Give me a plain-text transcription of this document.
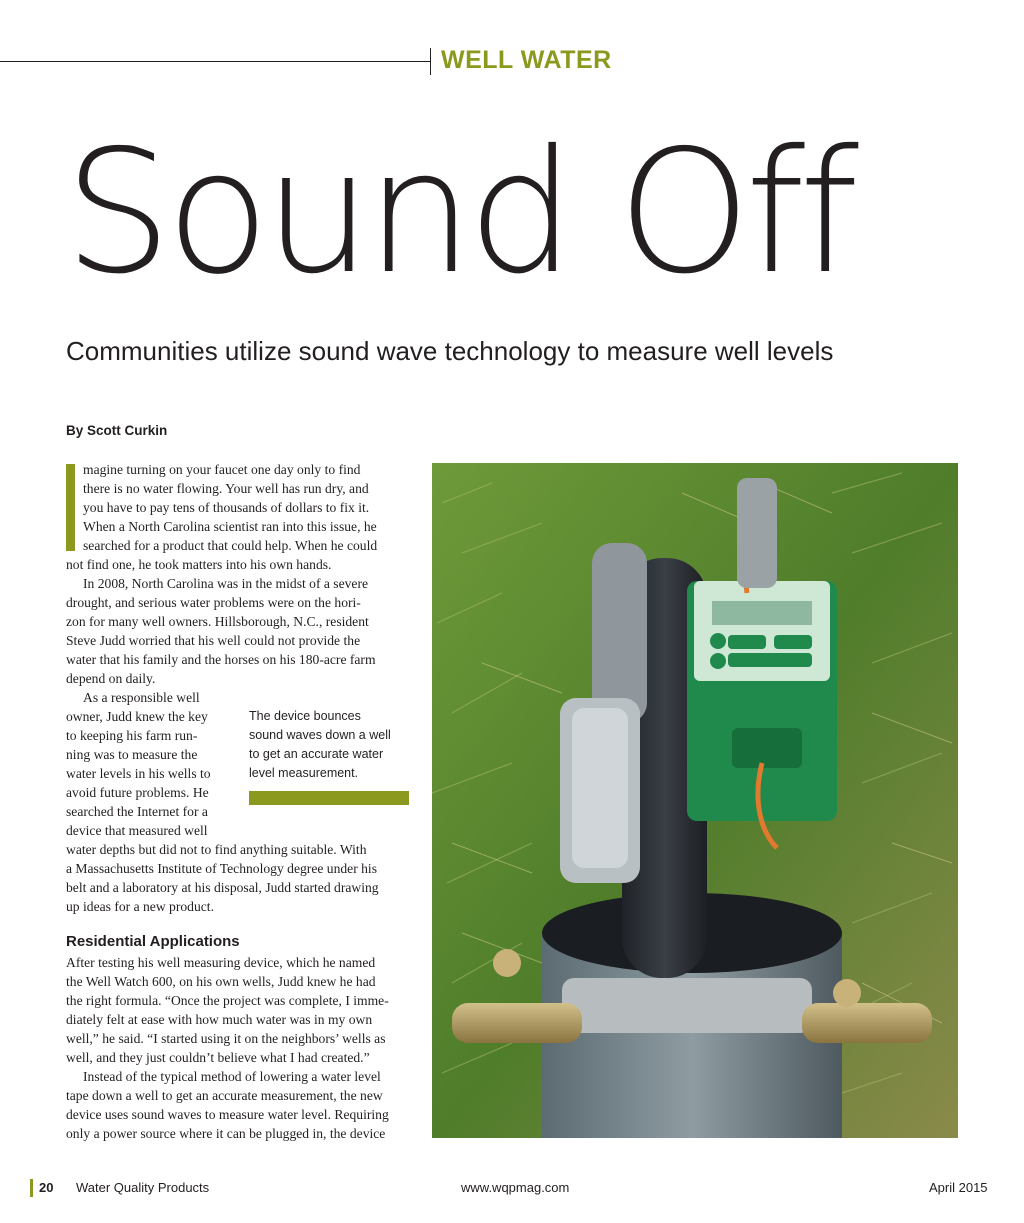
WELL WATER
Sound Off
Communities utilize sound wave technology to measure well levels
By Scott Curkin
magine turning on your faucet one day only to find
there is no water flowing. Your well has run dry, and
you have to pay tens of thousands of dollars to fix it.
When a North Carolina scientist ran into this issue, he
searched for a product that could help. When he could
not find one, he took matters into his own hands.
In 2008, North Carolina was in the midst of a severe
drought, and serious water problems were on the hori-
zon for many well owners. Hillsborough, N.C., resident
Steve Judd worried that his well could not provide the
water that his family and the horses on his 180-acre farm
depend on daily.
As a responsible well
owner, Judd knew the key
to keeping his farm run-
ning was to measure the
water levels in his wells to
avoid future problems. He
searched the Internet for a
device that measured well
water depths but did not to find anything suitable. With
a Massachusetts Institute of Technology degree under his
belt and a laboratory at his disposal, Judd started drawing
up ideas for a new product.
The device bounces
sound waves down a well
to get an accurate water
level measurement.
Residential Applications
After testing his well measuring device, which he named
the Well Watch 600, on his own wells, Judd knew he had
the right formula. “Once the project was complete, I imme-
diately felt at ease with how much water was in my own
well,” he said. “I started using it on the neighbors’ wells as
well, and they just couldn’t believe what I had created.”
Instead of the typical method of lowering a water level
tape down a well to get an accurate measurement, the new
device uses sound waves to measure water level. Requiring
only a power source where it can be plugged in, the device
20 Water Quality Products	www.wqpmag.com	April 2015
